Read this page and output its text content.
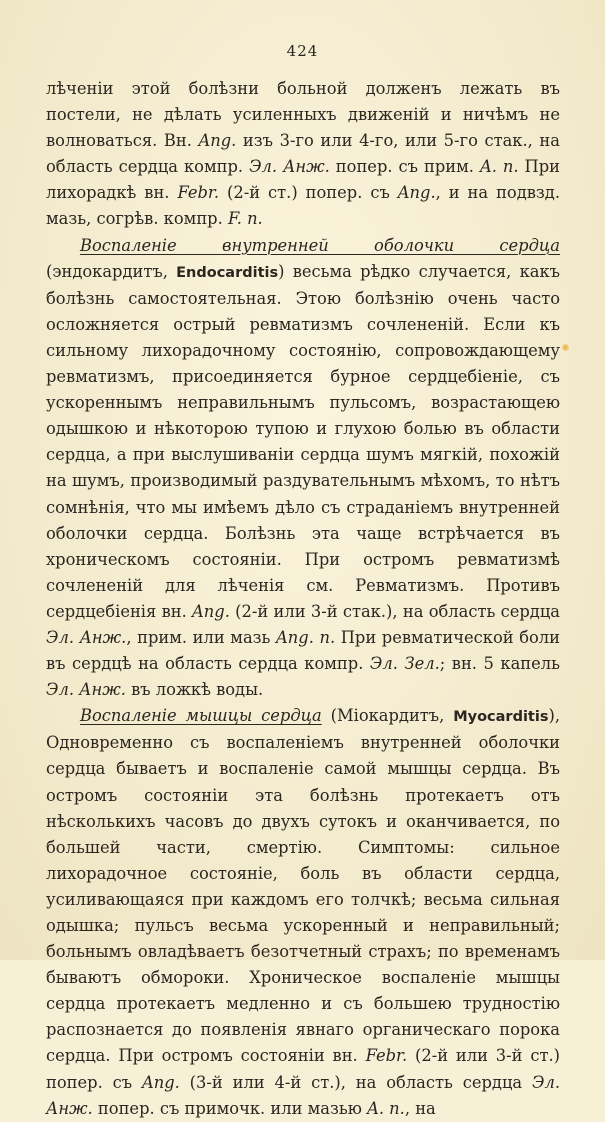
424

лѣченіи этой болѣзни больной долженъ лежать въ постели, не дѣлать усиленныхъ движеній и ничѣмъ не волноваться. Вн. Ang. изъ 3-го или 4-го, или 5-го стак., на область сердца компр. Эл. Анж. попер. съ прим. A. n. При лихорадкѣ вн. Febr. (2-й ст.) попер. съ Ang., и на подвзд. мазь, согрѣв. компр. F. n.

Воспаленіе внутренней оболочки сердца (эндокардитъ, Endocarditis) весьма рѣдко случается, какъ болѣзнь самостоятельная. Этою болѣзнію очень часто осложняется острый ревматизмъ сочлененій. Если къ сильному лихорадочному состоянію, сопровождающему ревматизмъ, присоединяется бурное сердцебіеніе, съ ускореннымъ неправильнымъ пульсомъ, возрастающею одышкою и нѣкоторою тупою и глухою болью въ области сердца, а при выслушиваніи сердца шумъ мягкій, похожій на шумъ, производимый раздувательнымъ мѣхомъ, то нѣтъ сомнѣнія, что мы имѣемъ дѣло съ страданіемъ внутренней оболочки сердца. Болѣзнь эта чаще встрѣчается въ хроническомъ состояніи. При остромъ ревматизмѣ сочлененій для лѣченія см. Ревматизмъ. Противъ сердцебіенія вн. Ang. (2-й или 3-й стак.), на область сердца Эл. Анж., прим. или мазь Ang. n. При ревматической боли въ сердцѣ на область сердца компр. Эл. Зел.; вн. 5 капель Эл. Анж. въ ложкѣ воды.

Воспаленіе мышцы сердца (Міокардитъ, Myocarditis), Одновременно съ воспаленіемъ внутренней оболочки сердца бываетъ и воспаленіе самой мышцы сердца. Въ остромъ состояніи эта болѣзнь протекаетъ отъ нѣсколькихъ часовъ до двухъ сутокъ и оканчивается, по большей части, смертію. Симптомы: сильное лихорадочное состояніе, боль въ области сердца, усиливающаяся при каждомъ его толчкѣ; весьма сильная одышка; пульсъ весьма ускоренный и неправильный; больнымъ овладѣваетъ безотчетный страхъ; по временамъ бываютъ обмороки. Хроническое воспаленіе мышцы сердца протекаетъ медленно и съ большею трудностію распознается до появленія явнаго органическаго порока сердца. При остромъ состояніи вн. Febr. (2-й или 3-й ст.) попер. съ Ang. (3-й или 4-й ст.), на область сердца Эл. Анж. попер. съ примочк. или мазью A. n., на
